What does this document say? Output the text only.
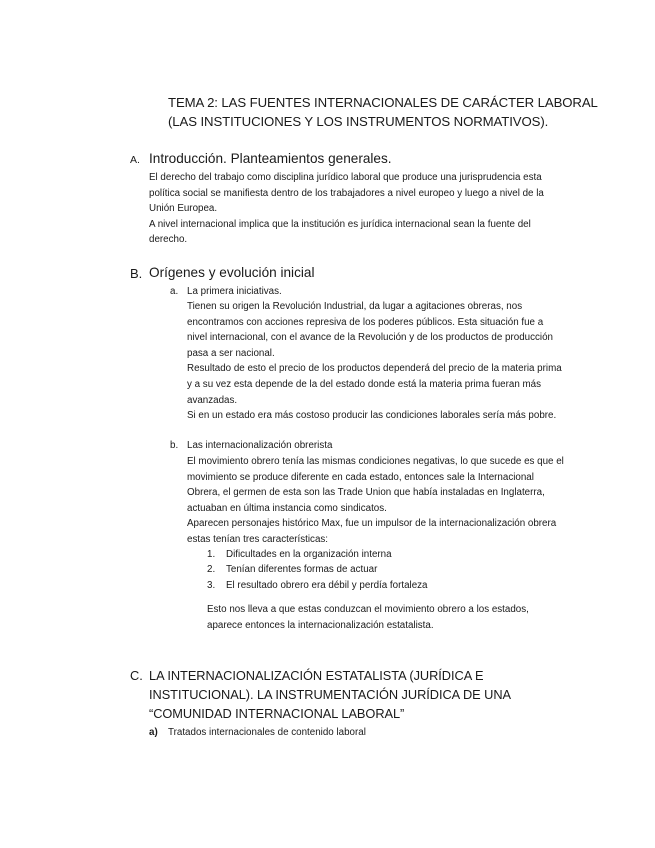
TEMA 2: LAS FUENTES INTERNACIONALES DE CARÁCTER LABORAL
(LAS INSTITUCIONES Y LOS INSTRUMENTOS NORMATIVOS).
A. Introducción. Planteamientos generales.

El derecho del trabajo como disciplina jurídico laboral que produce una jurisprudencia esta política social se manifiesta dentro de los trabajadores a nivel europeo y luego a nivel de la Unión Europea.

A nivel internacional implica que la institución es jurídica internacional sean la fuente del derecho.

B. Orígenes y evolución inicial
a. La primera iniciativas.

Tienen su origen la Revolución Industrial, da lugar a agitaciones obreras, nos encontramos con acciones represiva de los poderes públicos. Esta situación fue a nivel internacional, con el avance de la Revolución y de los productos de producción pasa a ser nacional.

Resultado de esto el precio de los productos dependerá del precio de la materia prima y a su vez esta depende de la del estado donde está la materia prima fueran más avanzadas.

Si en un estado era más costoso producir las condiciones laborales sería más pobre.

b. Las internacionalización obrerista

El movimiento obrero tenía las mismas condiciones negativas, lo que sucede es que el movimiento se produce diferente en cada estado, entonces sale la Internacional Obrera, el germen de esta son las Trade Union que había instaladas en Inglaterra, actuaban en última instancia como sindicatos.

Aparecen personajes histórico Max, fue un impulsor de la internacionalización obrera estas tenían tres características:

1. Dificultades en la organización interna
2. Tenían diferentes formas de actuar
3. El resultado obrero era débil y perdía fortaleza

Esto nos lleva a que estas conduzcan el movimiento obrero a los estados, aparece entonces la internacionalización estatalista.

C. LA INTERNACIONALIZACIÓN ESTATALISTA (JURÍDICA E
INSTITUCIONAL). LA INSTRUMENTACIÓN JURÍDICA DE UNA
“COMUNIDAD INTERNACIONAL LABORAL”
a) Tratados internacionales de contenido laboral
